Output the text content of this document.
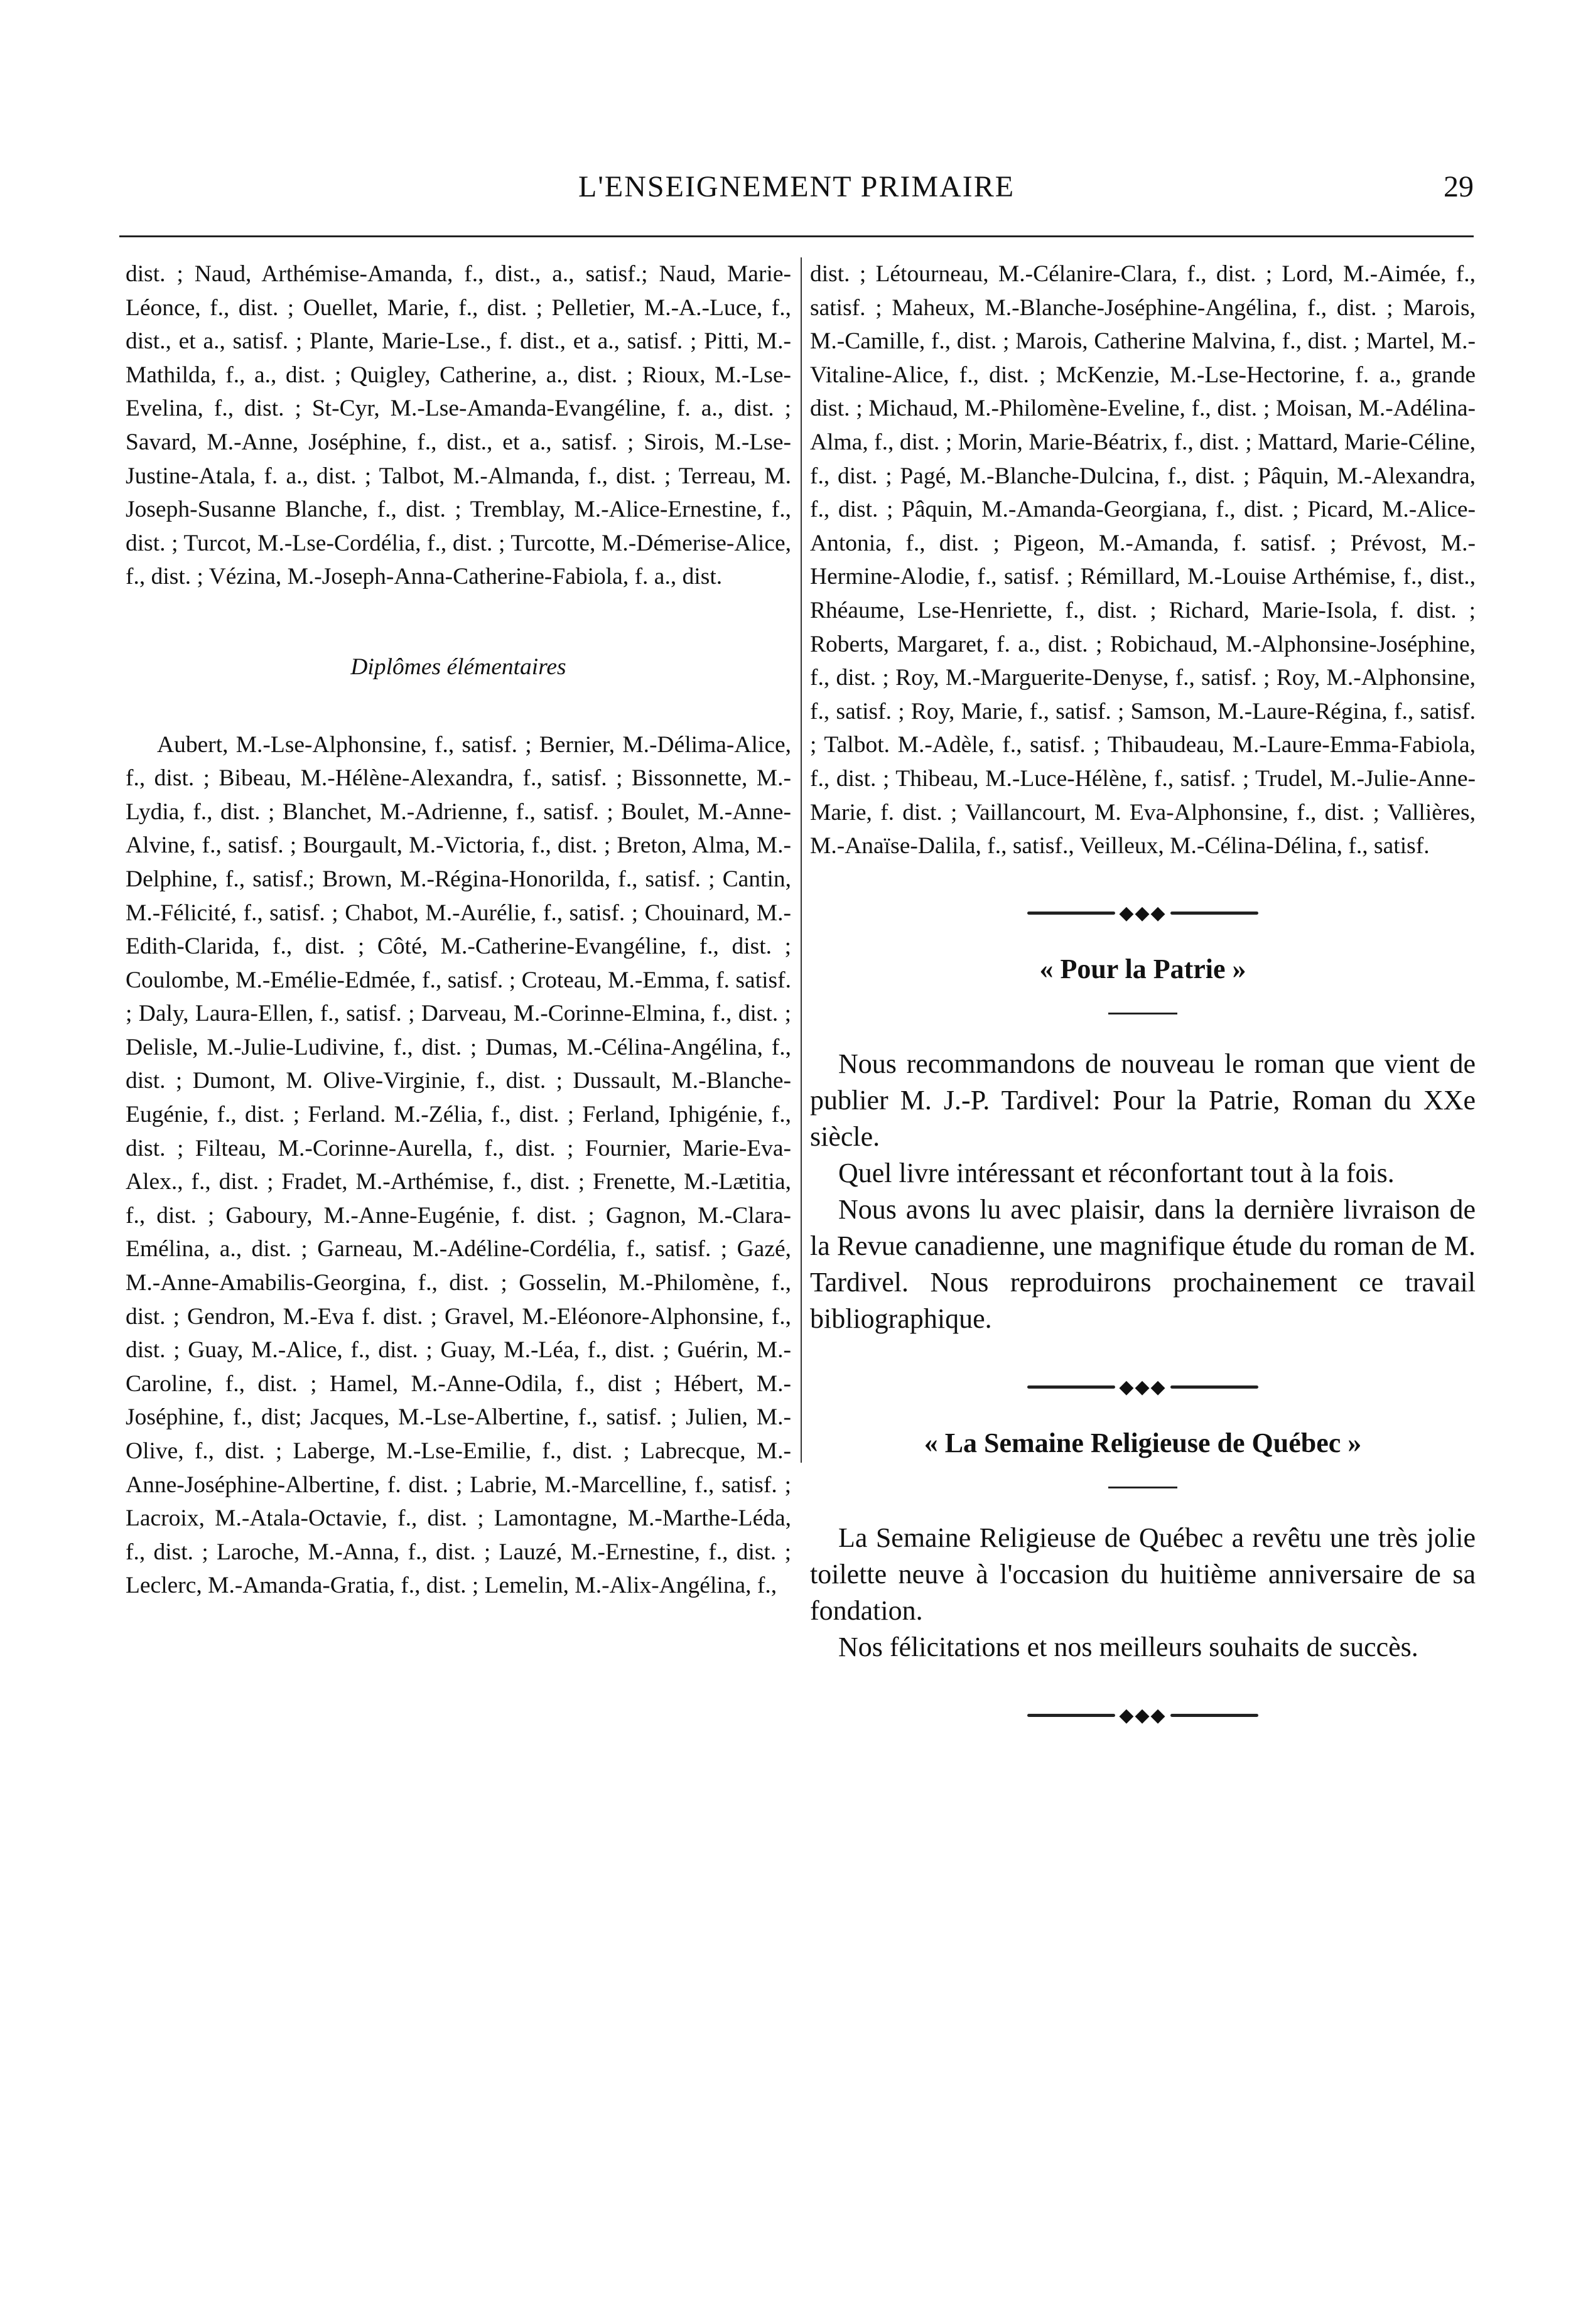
L'ENSEIGNEMENT PRIMAIRE	29

dist. ; Naud, Arthémise-Amanda, f., dist., a., satisf.; Naud, Marie-Léonce, f., dist. ; Ouellet, Marie, f., dist. ; Pelletier, M.-A.-Luce, f., dist., et a., satisf. ; Plante, Marie-Lse., f. dist., et a., satisf. ; Pitti, M.-Mathilda, f., a., dist. ; Quigley, Catherine, a., dist. ; Rioux, M.-Lse-Evelina, f., dist. ; St-Cyr, M.-Lse-Amanda-Evangéline, f. a., dist. ; Savard, M.-Anne, Joséphine, f., dist., et a., satisf. ; Sirois, M.-Lse-Justine-Atala, f. a., dist. ; Talbot, M.-Almanda, f., dist. ; Terreau, M. Joseph-Susanne Blanche, f., dist. ; Tremblay, M.-Alice-Ernestine, f., dist. ; Turcot, M.-Lse-Cordélia, f., dist. ; Turcotte, M.-Démerise-Alice, f., dist. ; Vézina, M.-Joseph-Anna-Catherine-Fabiola, f. a., dist.

Diplômes élémentaires

Aubert, M.-Lse-Alphonsine, f., satisf. ; Bernier, M.-Délima-Alice, f., dist. ; Bibeau, M.-Hélène-Alexandra, f., satisf. ; Bissonnette, M.-Lydia, f., dist. ; Blanchet, M.-Adrienne, f., satisf. ; Boulet, M.-Anne-Alvine, f., satisf. ; Bourgault, M.-Victoria, f., dist. ; Breton, Alma, M.-Delphine, f., satisf.; Brown, M.-Régina-Honorilda, f., satisf. ; Cantin, M.-Félicité, f., satisf. ; Chabot, M.-Aurélie, f., satisf. ; Chouinard, M.-Edith-Clarida, f., dist. ; Côté, M.-Catherine-Evangéline, f., dist. ; Coulombe, M.-Emélie-Edmée, f., satisf. ; Croteau, M.-Emma, f. satisf. ; Daly, Laura-Ellen, f., satisf. ; Darveau, M.-Corinne-Elmina, f., dist. ; Delisle, M.-Julie-Ludivine, f., dist. ; Dumas, M.-Célina-Angélina, f., dist. ; Dumont, M. Olive-Virginie, f., dist. ; Dussault, M.-Blanche-Eugénie, f., dist. ; Ferland. M.-Zélia, f., dist. ; Ferland, Iphigénie, f., dist. ; Filteau, M.-Corinne-Aurella, f., dist. ; Fournier, Marie-Eva-Alex., f., dist. ; Fradet, M.-Arthémise, f., dist. ; Frenette, M.-Lætitia, f., dist. ; Gaboury, M.-Anne-Eugénie, f. dist. ; Gagnon, M.-Clara-Emélina, a., dist. ; Garneau, M.-Adéline-Cordélia, f., satisf. ; Gazé, M.-Anne-Amabilis-Georgina, f., dist. ; Gosselin, M.-Philomène, f., dist. ; Gendron, M.-Eva f. dist. ; Gravel, M.-Eléonore-Alphonsine, f., dist. ; Guay, M.-Alice, f., dist. ; Guay, M.-Léa, f., dist. ; Guérin, M.-Caroline, f., dist. ; Hamel, M.-Anne-Odila, f., dist ; Hébert, M.-Joséphine, f., dist; Jacques, M.-Lse-Albertine, f., satisf. ; Julien, M.-Olive, f., dist. ; Laberge, M.-Lse-Emilie, f., dist. ; Labrecque, M.-Anne-Joséphine-Albertine, f. dist. ; Labrie, M.-Marcelline, f., satisf. ; Lacroix, M.-Atala-Octavie, f., dist. ; Lamontagne, M.-Marthe-Léda, f., dist. ; Laroche, M.-Anna, f., dist. ; Lauzé, M.-Ernestine, f., dist. ; Leclerc, M.-Amanda-Gratia, f., dist. ; Lemelin, M.-Alix-Angélina, f.,

dist. ; Létourneau, M.-Célanire-Clara, f., dist. ; Lord, M.-Aimée, f., satisf. ; Maheux, M.-Blanche-Joséphine-Angélina, f., dist. ; Marois, M.-Camille, f., dist. ; Marois, Catherine Malvina, f., dist. ; Martel, M.-Vitaline-Alice, f., dist. ; McKenzie, M.-Lse-Hectorine, f. a., grande dist. ; Michaud, M.-Philomène-Eveline, f., dist. ; Moisan, M.-Adélina-Alma, f., dist. ; Morin, Marie-Béatrix, f., dist. ; Mattard, Marie-Céline, f., dist. ; Pagé, M.-Blanche-Dulcina, f., dist. ; Pâquin, M.-Alexandra, f., dist. ; Pâquin, M.-Amanda-Georgiana, f., dist. ; Picard, M.-Alice-Antonia, f., dist. ; Pigeon, M.-Amanda, f. satisf. ; Prévost, M.-Hermine-Alodie, f., satisf. ; Rémillard, M.-Louise Arthémise, f., dist., Rhéaume, Lse-Henriette, f., dist. ; Richard, Marie-Isola, f. dist. ; Roberts, Margaret, f. a., dist. ; Robichaud, M.-Alphonsine-Joséphine, f., dist. ; Roy, M.-Marguerite-Denyse, f., satisf. ; Roy, M.-Alphonsine, f., satisf. ; Roy, Marie, f., satisf. ; Samson, M.-Laure-Régina, f., satisf. ; Talbot. M.-Adèle, f., satisf. ; Thibaudeau, M.-Laure-Emma-Fabiola, f., dist. ; Thibeau, M.-Luce-Hélène, f., satisf. ; Trudel, M.-Julie-Anne-Marie, f. dist. ; Vaillancourt, M. Eva-Alphonsine, f., dist. ; Vallières, M.-Anaïse-Dalila, f., satisf., Veilleux, M.-Célina-Délina, f., satisf.

◆◆◆
« Pour la Patrie »

Nous recommandons de nouveau le roman que vient de publier M. J.-P. Tardivel: Pour la Patrie, Roman du XXe siècle.

Quel livre intéressant et réconfortant tout à la fois.

Nous avons lu avec plaisir, dans la dernière livraison de la Revue canadienne, une magnifique étude du roman de M. Tardivel. Nous reproduirons prochainement ce travail bibliographique.

◆◆◆
« La Semaine Religieuse de Québec »

La Semaine Religieuse de Québec a revêtu une très jolie toilette neuve à l'occasion du huitième anniversaire de sa fondation.

Nos félicitations et nos meilleurs souhaits de succès.

◆◆◆
